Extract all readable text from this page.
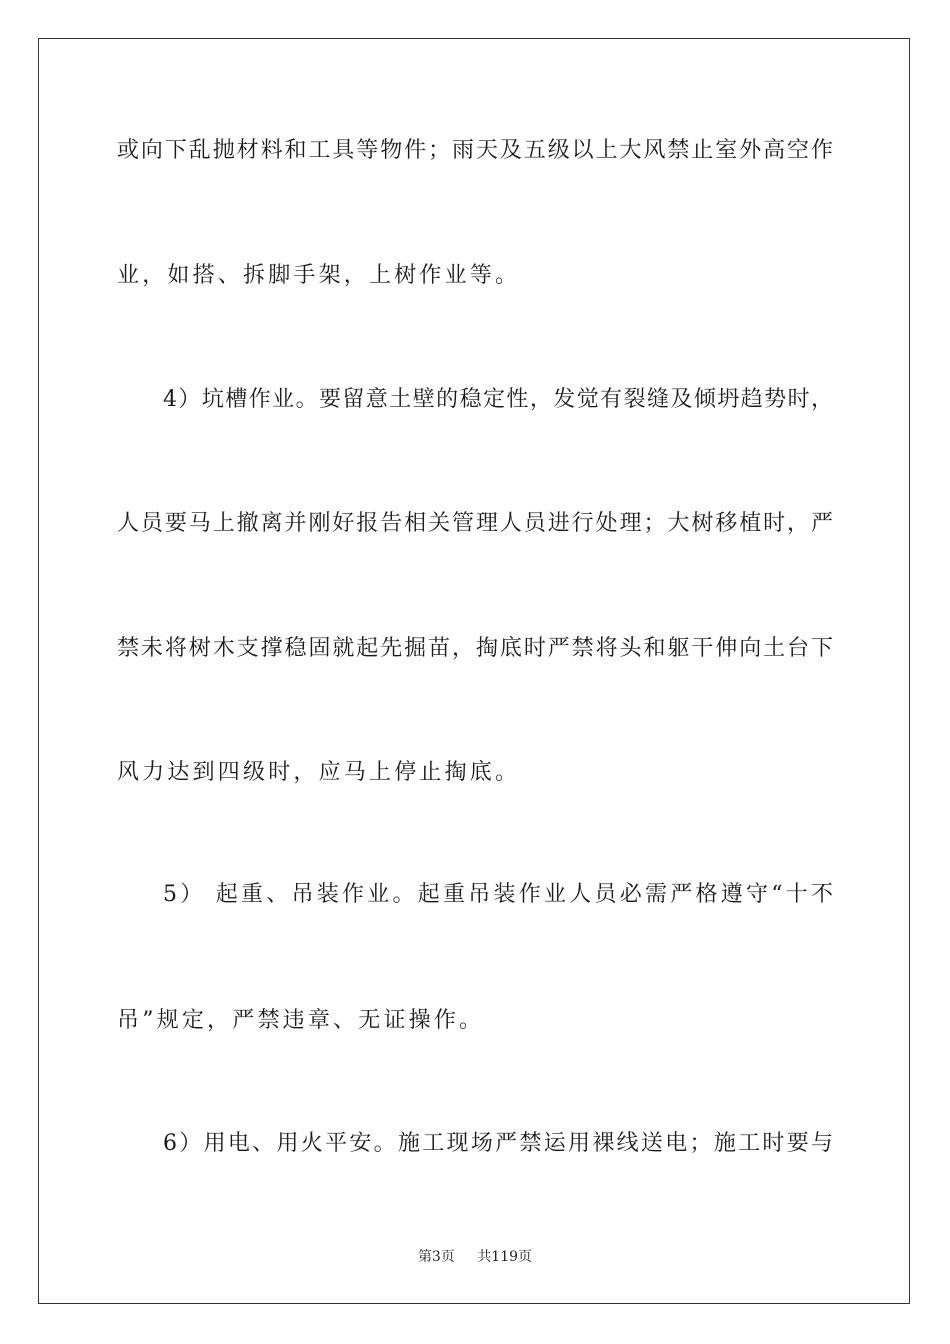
或向下乱抛材料和工具等物件；雨天及五级以上大风禁止室外高空作
业，如搭、拆脚手架，上树作业等。
4）坑槽作业。要留意土壁的稳定性，发觉有裂缝及倾坍趋势时，
人员要马上撤离并刚好报告相关管理人员进行处理；大树移植时，严
禁未将树木支撑稳固就起先掘苗，掏底时严禁将头和躯干伸向土台下
风力达到四级时，应马上停止掏底。
5） 起重、吊装作业。起重吊装作业人员必需严格遵守“十不
吊”规定，严禁违章、无证操作。
6）用电、用火平安。施工现场严禁运用裸线送电；施工时要与
第3页 共119页
